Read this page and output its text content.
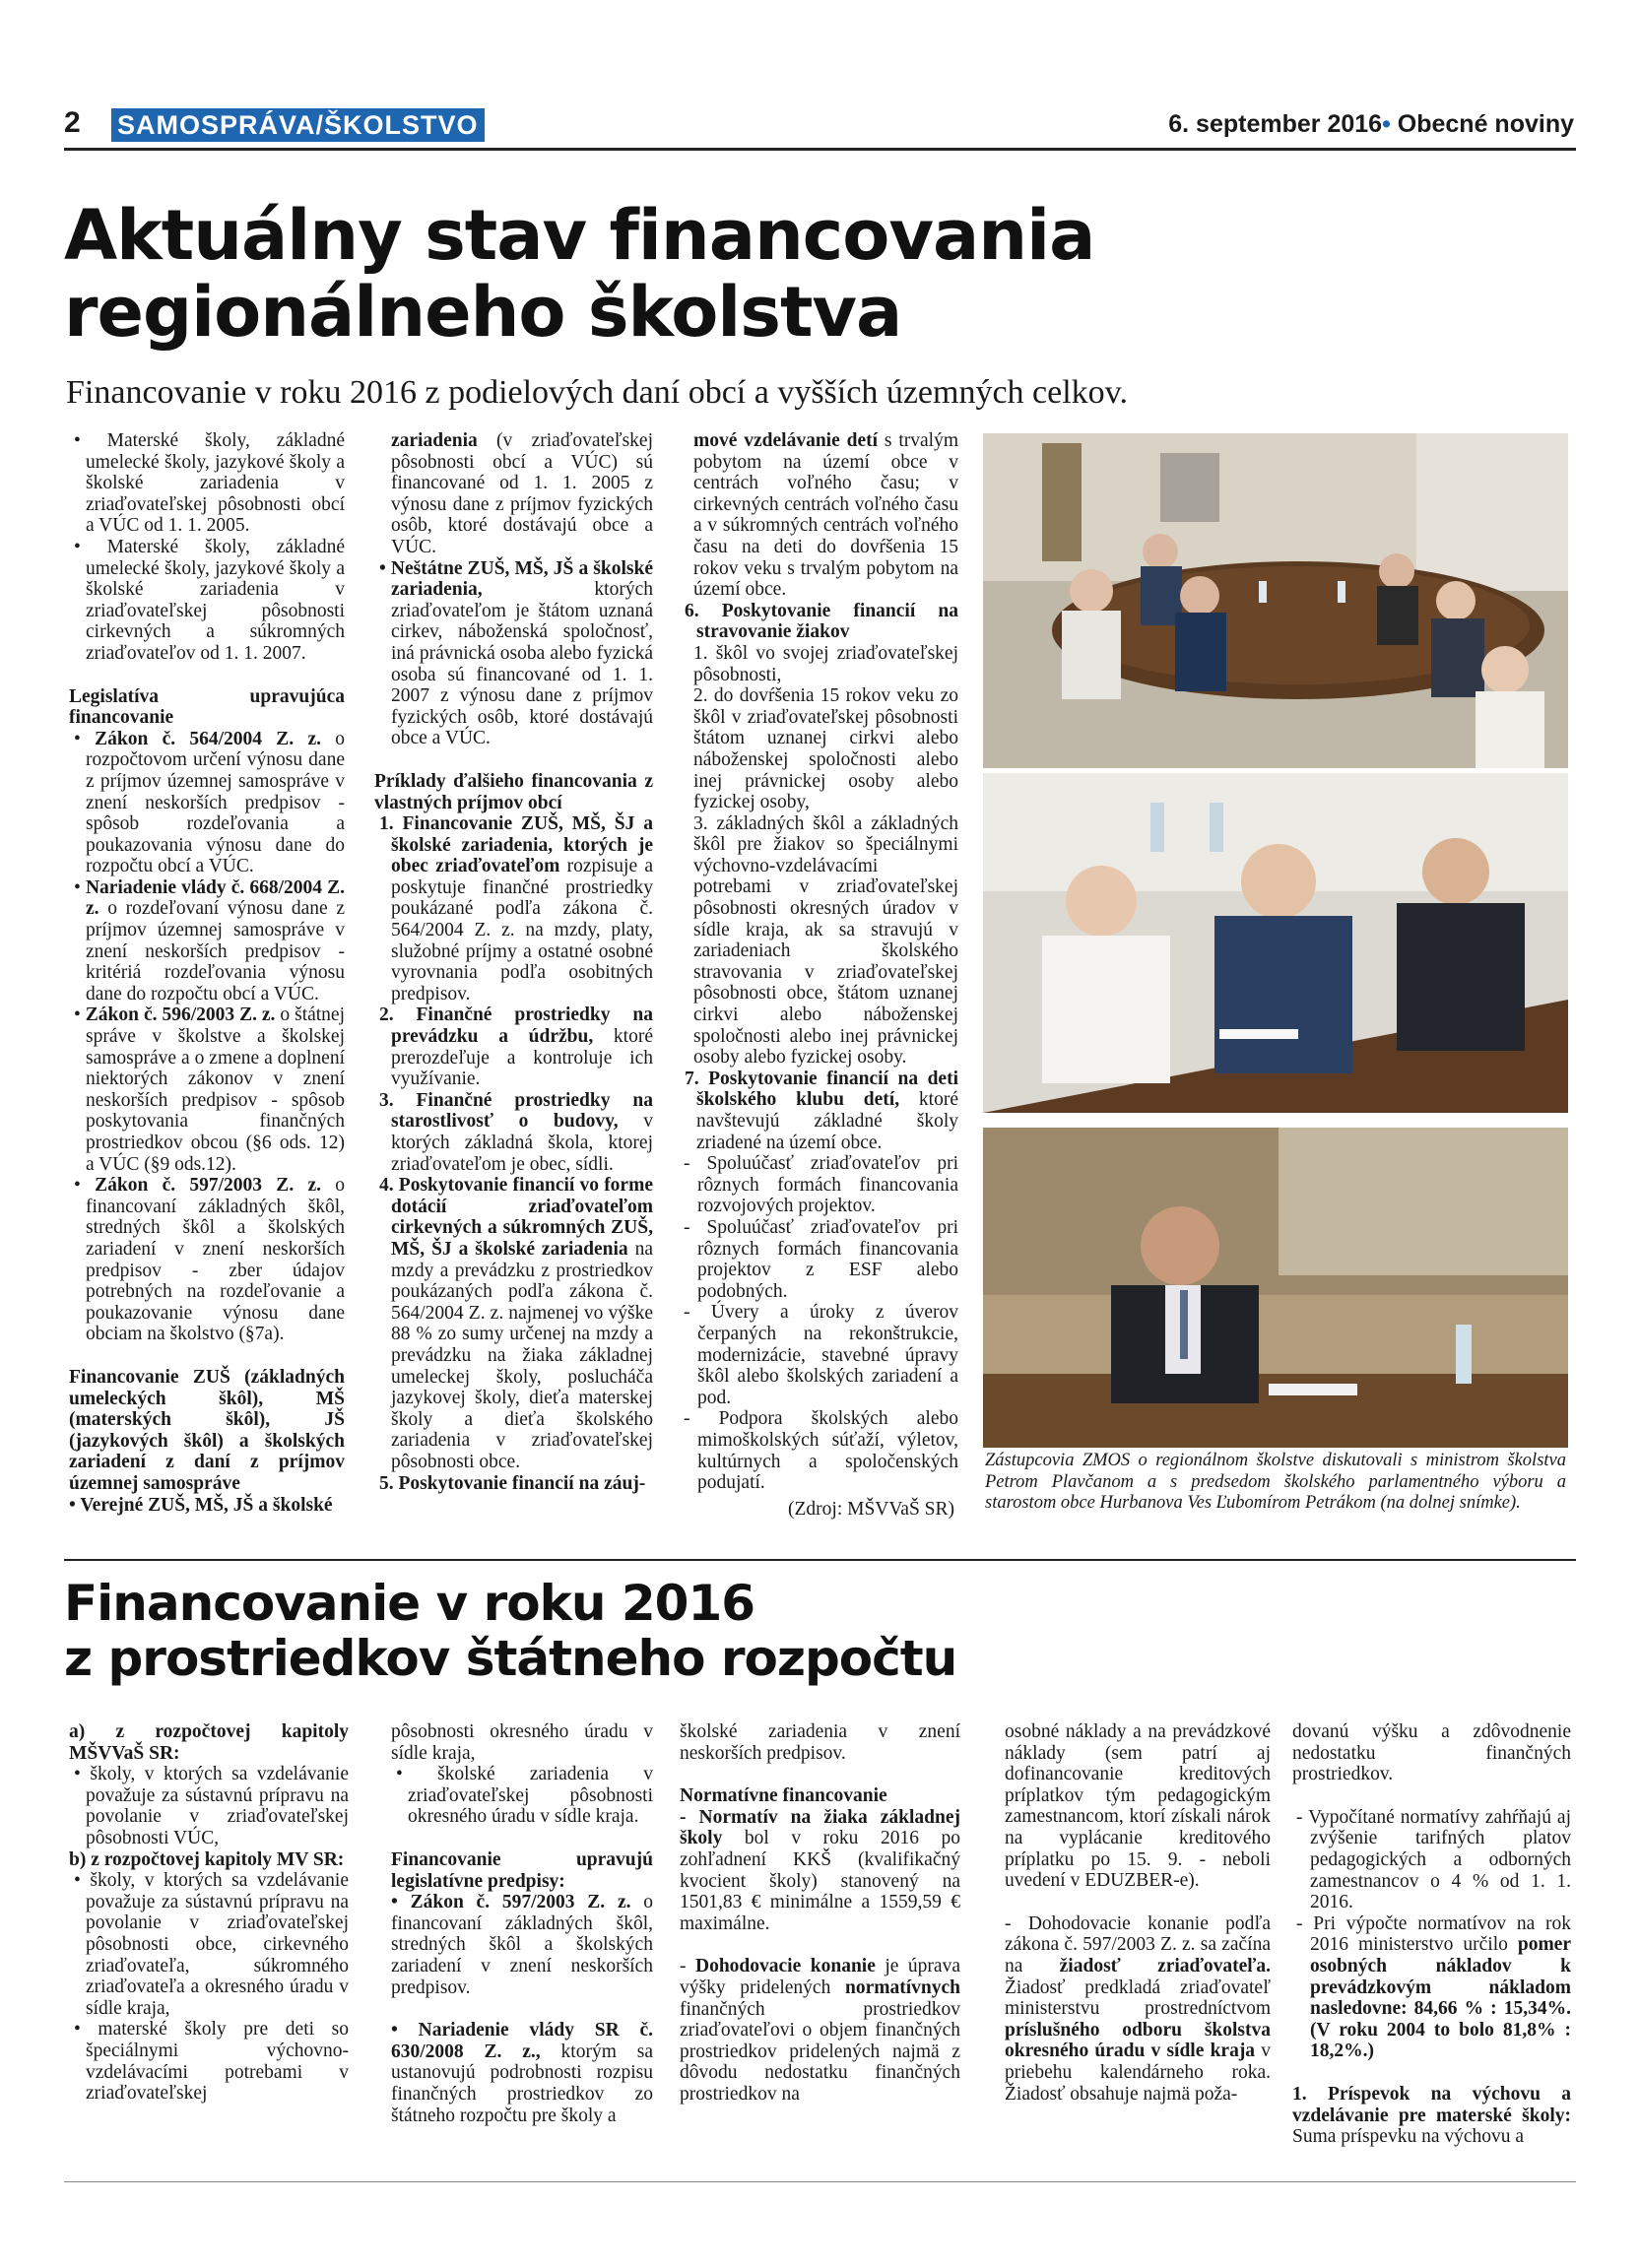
2 SAMOSPRÁVA/ŠKOLSTVO	6. september 2016• Obecné noviny
Aktuálny stav financovania
regionálneho školstva
Financovanie v roku 2016 z podielových daní obcí a vyšších územných celkov.

• Materské školy, základné umelecké školy, jazykové školy a školské zariadenia v zriaďovateľskej pôsobnosti obcí a VÚC od 1. 1. 2005.

• Materské školy, základné umelecké školy, jazykové školy a školské zariadenia v zriaďovateľskej pôsobnosti cirkevných a súkromných zriaďovateľov od 1. 1. 2007.

Legislatíva upravujúca financovanie

• Zákon č. 564/2004 Z. z. o rozpočtovom určení výnosu dane z príjmov územnej samospráve v znení neskorších predpisov - spôsob rozdeľovania a poukazovania výnosu dane do rozpočtu obcí a VÚC.

• Nariadenie vlády č. 668/2004 Z. z. o rozdeľovaní výnosu dane z príjmov územnej samospráve v znení neskorších predpisov - kritériá rozdeľovania výnosu dane do rozpočtu obcí a VÚC.

• Zákon č. 596/2003 Z. z. o štátnej správe v školstve a školskej samospráve a o zmene a doplnení niektorých zákonov v znení neskorších predpisov - spôsob poskytovania finančných prostriedkov obcou (§6 ods. 12) a VÚC (§9 ods.12).

• Zákon č. 597/2003 Z. z. o financovaní základných škôl, stredných škôl a školských zariadení v znení neskorších predpisov - zber údajov potrebných na rozdeľovanie a poukazovanie výnosu dane obciam na školstvo (§7a).

Financovanie ZUŠ (základných umeleckých škôl), MŠ (materských škôl), JŠ (jazykových škôl) a školských zariadení z daní z príjmov územnej samospráve

• Verejné ZUŠ, MŠ, JŠ a školské

zariadenia (v zriaďovateľskej pôsobnosti obcí a VÚC) sú financované od 1. 1. 2005 z výnosu dane z príjmov fyzických osôb, ktoré dostávajú obce a VÚC.

• Neštátne ZUŠ, MŠ, JŠ a školské zariadenia, ktorých zriaďovateľom je štátom uznaná cirkev, náboženská spoločnosť, iná právnická osoba alebo fyzická osoba sú financované od 1. 1. 2007 z výnosu dane z príjmov fyzických osôb, ktoré dostávajú obce a VÚC.

Príklady ďalšieho financovania z vlastných príjmov obcí

1. Financovanie ZUŠ, MŠ, ŠJ a školské zariadenia, ktorých je obec zriaďovateľom rozpisuje a poskytuje finančné prostriedky poukázané podľa zákona č. 564/2004 Z. z. na mzdy, platy, služobné príjmy a ostatné osobné vyrovnania podľa osobitných predpisov.

2. Finančné prostriedky na prevádzku a údržbu, ktoré prerozdeľuje a kontroluje ich využívanie.

3. Finančné prostriedky na starostlivosť o budovy, v ktorých základná škola, ktorej zriaďovateľom je obec, sídli.

4. Poskytovanie financií vo forme dotácií zriaďovateľom cirkevných a súkromných ZUŠ, MŠ, ŠJ a školské zariadenia na mzdy a prevádzku z prostriedkov poukázaných podľa zákona č. 564/2004 Z. z. najmenej vo výške 88 % zo sumy určenej na mzdy a prevádzku na žiaka základnej umeleckej školy, poslucháča jazykovej školy, dieťa materskej školy a dieťa školského zariadenia v zriaďovateľskej pôsobnosti obce.

5. Poskytovanie financií na záuj-

mové vzdelávanie detí s trvalým pobytom na území obce v centrách voľného času; v cirkevných centrách voľného času a v súkromných centrách voľného času na deti do dovŕšenia 15 rokov veku s trvalým pobytom na území obce.

6. Poskytovanie financií na stravovanie žiakov

1. škôl vo svojej zriaďovateľskej pôsobnosti,

2. do dovŕšenia 15 rokov veku zo škôl v zriaďovateľskej pôsobnosti štátom uznanej cirkvi alebo náboženskej spoločnosti alebo inej právnickej osoby alebo fyzickej osoby,

3. základných škôl a základných škôl pre žiakov so špeciálnymi výchovno-vzdelávacími potrebami v zriaďovateľskej pôsobnosti okresných úradov v sídle kraja, ak sa stravujú v zariadeniach školského stravovania v zriaďovateľskej pôsobnosti obce, štátom uznanej cirkvi alebo náboženskej spoločnosti alebo inej právnickej osoby alebo fyzickej osoby.

7. Poskytovanie financií na deti školského klubu detí, ktoré navštevujú základné školy zriadené na území obce.

- Spoluúčasť zriaďovateľov pri rôznych formách financovania rozvojových projektov.

- Spoluúčasť zriaďovateľov pri rôznych formách financovania projektov z ESF alebo podobných.

- Úvery a úroky z úverov čerpaných na rekonštrukcie, modernizácie, stavebné úpravy škôl alebo školských zariadení a pod.

- Podpora školských alebo mimoškolských súťaží, výletov, kultúrnych a spoločenských podujatí.

(Zdroj: MŠVVaŠ SR)
Zástupcovia ZMOS o regionálnom školstve diskutovali s ministrom školstva Petrom Plavčanom a s predsedom školského parlamentného výboru a starostom obce Hurbanova Ves Ľubomírom Petrákom (na dolnej snímke).
Financovanie v roku 2016
z prostriedkov štátneho rozpočtu

a) z rozpočtovej kapitoly MŠVVaŠ SR:

• školy, v ktorých sa vzdelávanie považuje za sústavnú prípravu na povolanie v zriaďovateľskej pôsobnosti VÚC,

b) z rozpočtovej kapitoly MV SR:

• školy, v ktorých sa vzdelávanie považuje za sústavnú prípravu na povolanie v zriaďovateľskej pôsobnosti obce, cirkevného zriaďovateľa, súkromného zriaďovateľa a okresného úradu v sídle kraja,

• materské školy pre deti so špeciálnymi výchovno-vzdelávacími potrebami v zriaďovateľskej

pôsobnosti okresného úradu v sídle kraja,

• školské zariadenia v zriaďovateľskej pôsobnosti okresného úradu v sídle kraja.

Financovanie upravujú legislatívne predpisy:

• Zákon č. 597/2003 Z. z. o financovaní základných škôl, stredných škôl a školských zariadení v znení neskorších predpisov.

• Nariadenie vlády SR č. 630/2008 Z. z., ktorým sa ustanovujú podrobnosti rozpisu finančných prostriedkov zo štátneho rozpočtu pre školy a

školské zariadenia v znení neskorších predpisov.

Normatívne financovanie

- Normatív na žiaka základnej školy bol v roku 2016 po zohľadnení KKŠ (kvalifikačný kvocient školy) stanovený na 1501,83 € minimálne a 1559,59 € maximálne.

- Dohodovacie konanie je úprava výšky pridelených normatívnych finančných prostriedkov zriaďovateľovi o objem finančných prostriedkov pridelených najmä z dôvodu nedostatku finančných prostriedkov na

osobné náklady a na prevádzkové náklady (sem patrí aj dofinancovanie kreditových príplatkov tým pedagogickým zamestnancom, ktorí získali nárok na vyplácanie kreditového príplatku po 15. 9. - neboli uvedení v EDUZBER-e).

- Dohodovacie konanie podľa zákona č. 597/2003 Z. z. sa začína na žiadosť zriaďovateľa. Žiadosť predkladá zriaďovateľ ministerstvu prostredníctvom príslušného odboru školstva okresného úradu v sídle kraja v priebehu kalendárneho roka. Žiadosť obsahuje najmä poža-

dovanú výšku a zdôvodnenie nedostatku finančných prostriedkov.

- Vypočítané normatívy zahŕňajú aj zvýšenie tarifných platov pedagogických a odborných zamestnancov o 4 % od 1. 1. 2016.

- Pri výpočte normatívov na rok 2016 ministerstvo určilo pomer osobných nákladov k prevádzkovým nákladom nasledovne: 84,66 % : 15,34%. (V roku 2004 to bolo 81,8% : 18,2%.)

1. Príspevok na výchovu a vzdelávanie pre materské školy: Suma príspevku na výchovu a
